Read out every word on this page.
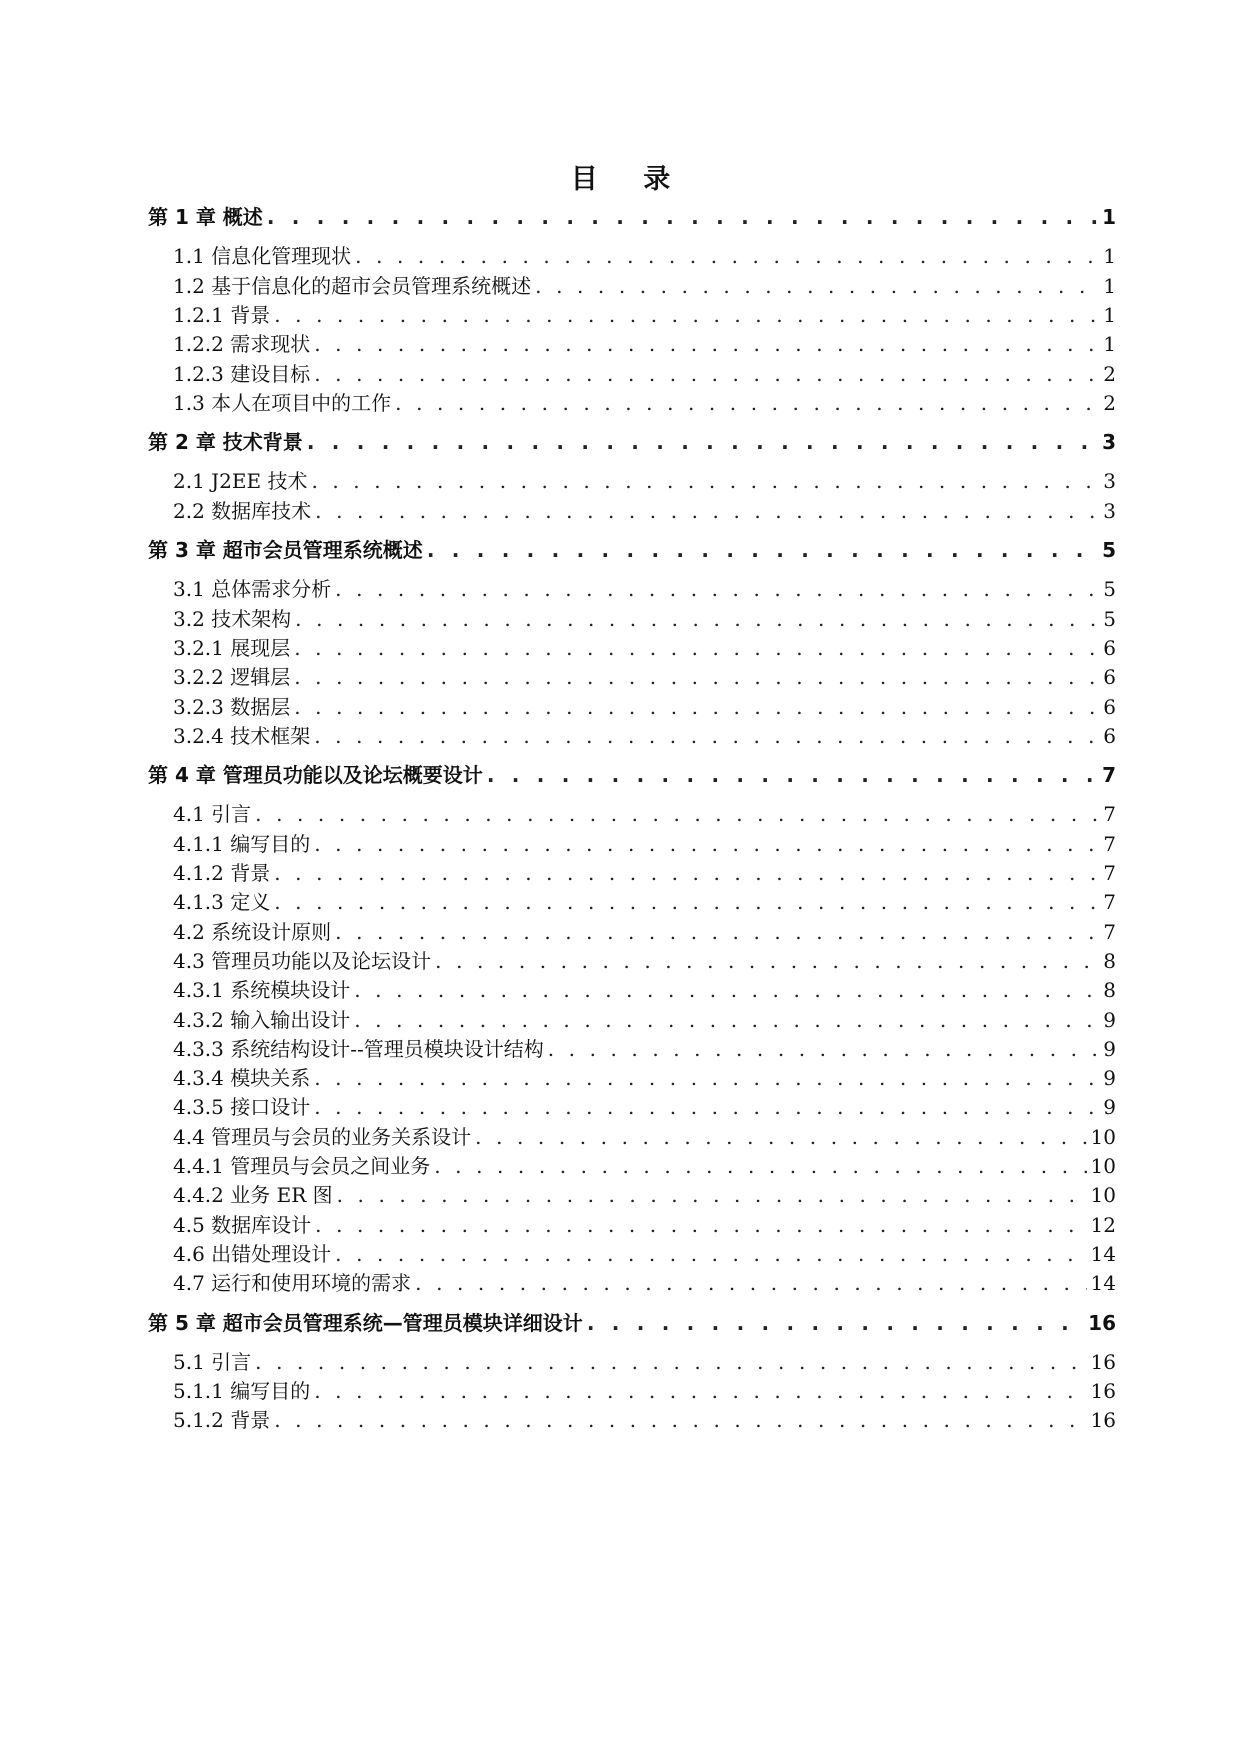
目 录
第 1 章 概述 . . .	1
1.1 信息化管理现状 . . .	1
1.2 基于信息化的超市会员管理系统概述 . . .	1
1.2.1 背景 . . .	1
1.2.2 需求现状 . . .	1
1.2.3 建设目标 . . .	2
1.3 本人在项目中的工作 . . .	2
第 2 章 技术背景 . . .	3
2.1 J2EE 技术 . . .	3
2.2 数据库技术 . . .	3
第 3 章 超市会员管理系统概述 . . .	5
3.1 总体需求分析 . . .	5
3.2 技术架构 . . .	5
3.2.1 展现层 . . .	6
3.2.2 逻辑层 . . .	6
3.2.3 数据层 . . .	6
3.2.4 技术框架 . . .	6
第 4 章 管理员功能以及论坛概要设计 . . .	7
4.1 引言 . . .	7
4.1.1 编写目的 . . .	7
4.1.2 背景 . . .	7
4.1.3 定义 . . .	7
4.2 系统设计原则 . . .	7
4.3 管理员功能以及论坛设计 . . .	8
4.3.1 系统模块设计 . . .	8
4.3.2 输入输出设计 . . .	9
4.3.3 系统结构设计--管理员模块设计结构 . . .	9
4.3.4 模块关系 . . .	9
4.3.5 接口设计 . . .	9
4.4 管理员与会员的业务关系设计 . . .	10
4.4.1 管理员与会员之间业务 . . .	10
4.4.2 业务 ER 图 . . .	10
4.5 数据库设计 . . .	12
4.6 出错处理设计 . . .	14
4.7 运行和使用环境的需求 . . .	14
第 5 章 超市会员管理系统—管理员模块详细设计 . . .	16
5.1 引言 . . .	16
5.1.1 编写目的 . . .	16
5.1.2 背景 . . .	16
